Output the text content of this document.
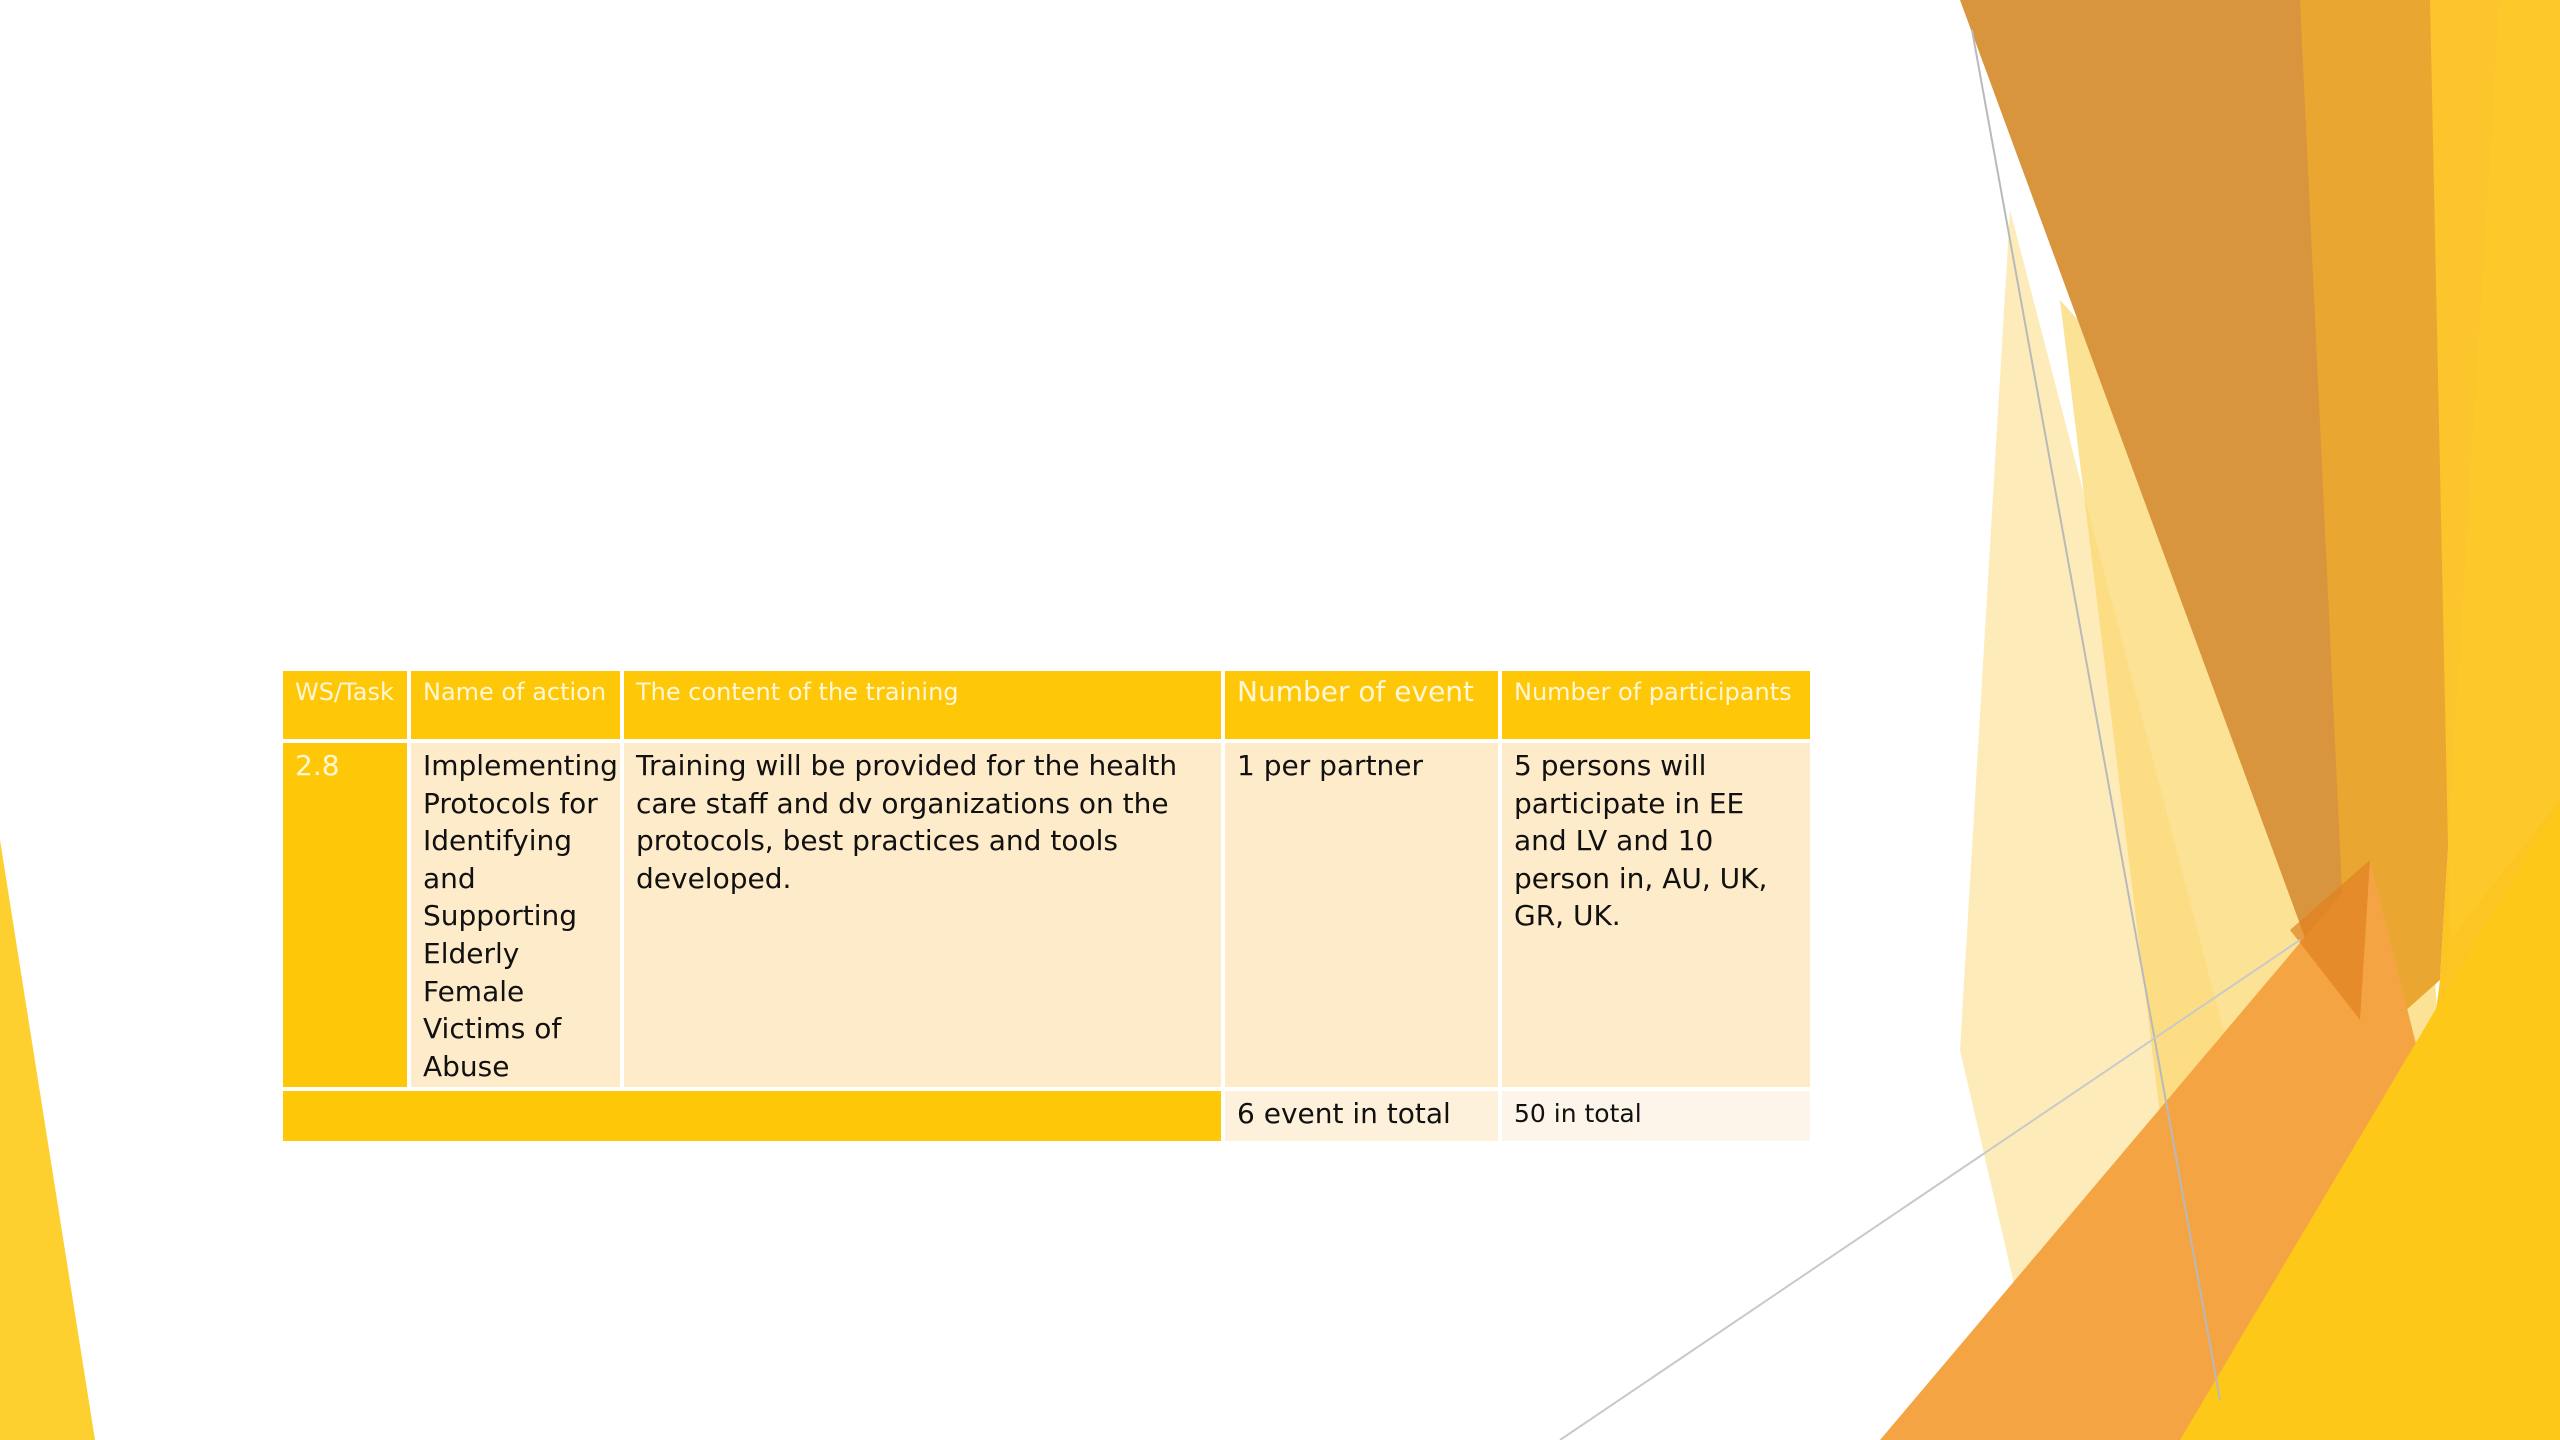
WS/Task	Name of action	The content of the training	Number of event	Number of participants
2.8	Implementing Protocols for Identifying and Supporting Elderly Female Victims of Abuse	Training will be provided for the health care staff and dv organizations on the protocols, best practices and tools developed.	1 per partner	5 persons will participate in EE and LV and 10 person in, AU, UK, GR, UK.
			6 event in total	50 in total
